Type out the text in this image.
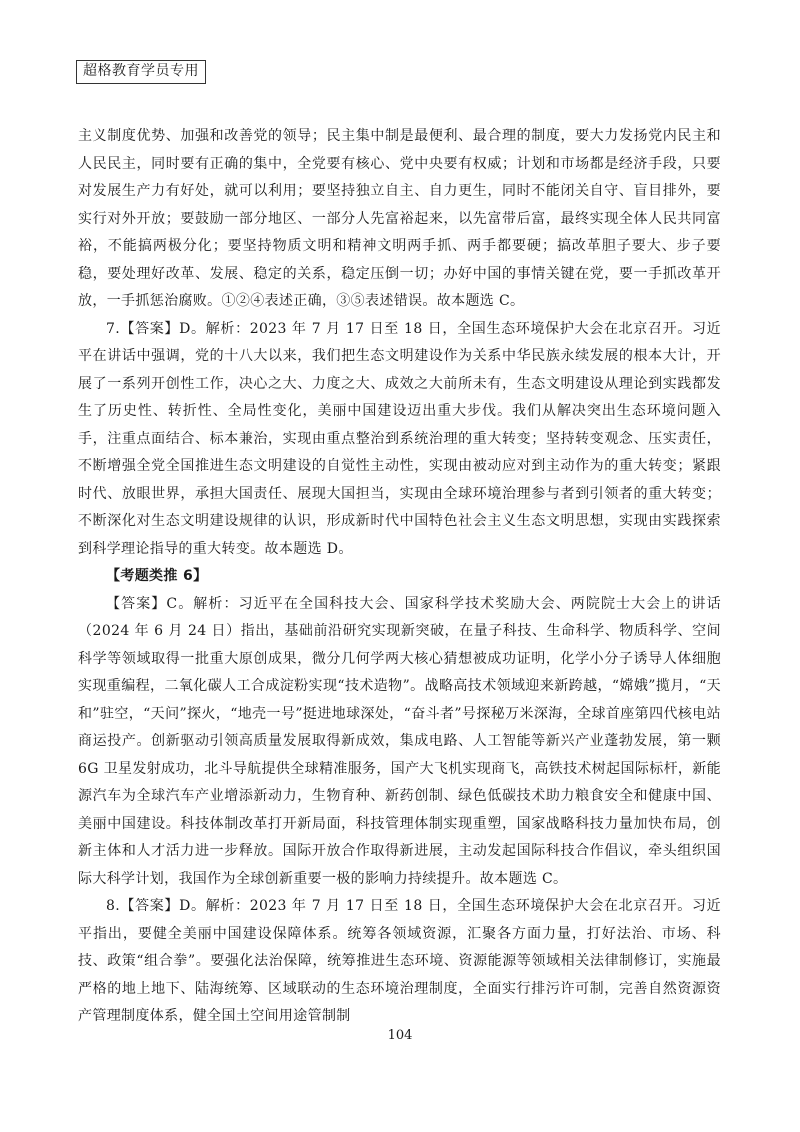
超格教育学员专用

主义制度优势、加强和改善党的领导；民主集中制是最便利、最合理的制度，要大力发扬党内民主和人民民主，同时要有正确的集中，全党要有核心、党中央要有权威；计划和市场都是经济手段，只要对发展生产力有好处，就可以利用；要坚持独立自主、自力更生，同时不能闭关自守、盲目排外，要实行对外开放；要鼓励一部分地区、一部分人先富裕起来，以先富带后富，最终实现全体人民共同富裕，不能搞两极分化；要坚持物质文明和精神文明两手抓、两手都要硬；搞改革胆子要大、步子要稳，要处理好改革、发展、稳定的关系，稳定压倒一切；办好中国的事情关键在党，要一手抓改革开放，一手抓惩治腐败。①②④表述正确，③⑤表述错误。故本题选 C。

7.【答案】D。解析：2023 年 7 月 17 日至 18 日，全国生态环境保护大会在北京召开。习近平在讲话中强调，党的十八大以来，我们把生态文明建设作为关系中华民族永续发展的根本大计，开展了一系列开创性工作，决心之大、力度之大、成效之大前所未有，生态文明建设从理论到实践都发生了历史性、转折性、全局性变化，美丽中国建设迈出重大步伐。我们从解决突出生态环境问题入手，注重点面结合、标本兼治，实现由重点整治到系统治理的重大转变；坚持转变观念、压实责任，不断增强全党全国推进生态文明建设的自觉性主动性，实现由被动应对到主动作为的重大转变；紧跟时代、放眼世界，承担大国责任、展现大国担当，实现由全球环境治理参与者到引领者的重大转变；不断深化对生态文明建设规律的认识，形成新时代中国特色社会主义生态文明思想，实现由实践探索到科学理论指导的重大转变。故本题选 D。

【考题类推 6】

【答案】C。解析：习近平在全国科技大会、国家科学技术奖励大会、两院院士大会上的讲话（2024 年 6 月 24 日）指出，基础前沿研究实现新突破，在量子科技、生命科学、物质科学、空间科学等领域取得一批重大原创成果，微分几何学两大核心猜想被成功证明，化学小分子诱导人体细胞实现重编程，二氧化碳人工合成淀粉实现“技术造物”。战略高技术领域迎来新跨越，“嫦娥”揽月，“天和”驻空，“天问”探火，“地壳一号”挺进地球深处，“奋斗者”号探秘万米深海，全球首座第四代核电站商运投产。创新驱动引领高质量发展取得新成效，集成电路、人工智能等新兴产业蓬勃发展，第一颗 6G 卫星发射成功，北斗导航提供全球精准服务，国产大飞机实现商飞，高铁技术树起国际标杆，新能源汽车为全球汽车产业增添新动力，生物育种、新药创制、绿色低碳技术助力粮食安全和健康中国、美丽中国建设。科技体制改革打开新局面，科技管理体制实现重塑，国家战略科技力量加快布局，创新主体和人才活力进一步释放。国际开放合作取得新进展，主动发起国际科技合作倡议，牵头组织国际大科学计划，我国作为全球创新重要一极的影响力持续提升。故本题选 C。

8.【答案】D。解析：2023 年 7 月 17 日至 18 日，全国生态环境保护大会在北京召开。习近平指出，要健全美丽中国建设保障体系。统筹各领域资源，汇聚各方面力量，打好法治、市场、科技、政策“组合拳”。要强化法治保障，统筹推进生态环境、资源能源等领域相关法律制修订，实施最严格的地上地下、陆海统筹、区域联动的生态环境治理制度，全面实行排污许可制，完善自然资源资产管理制度体系，健全国土空间用途管制制

104
